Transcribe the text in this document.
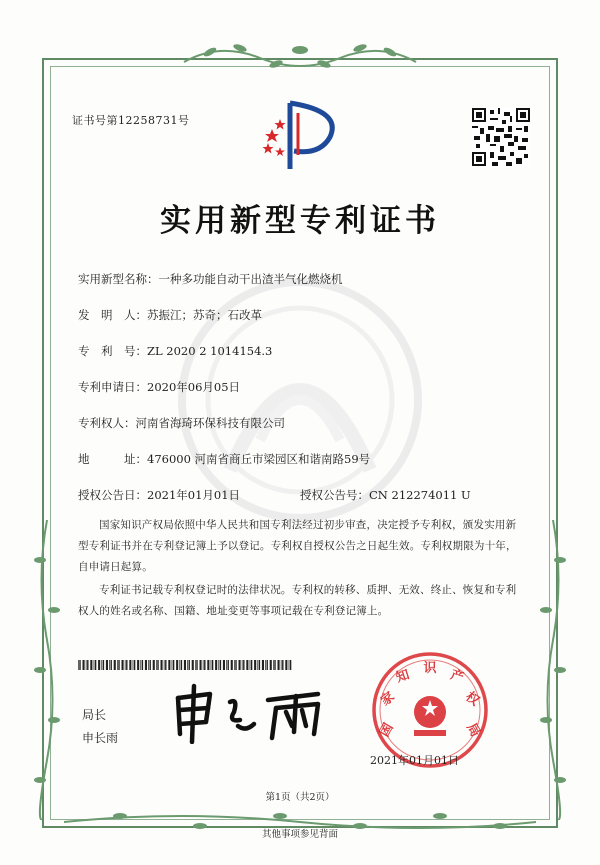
证书号第12258731号
实用新型专利证书
实用新型名称：一种多功能自动干出渣半气化燃烧机
发　明　人：苏振江；苏奇；石改革
专　利　号：ZL 2020 2 1014154.3
专利申请日：2020年06月05日
专利权人：河南省海琦环保科技有限公司
地　　　址：476000 河南省商丘市梁园区和谐南路59号
授权公告日：2021年01月01日	授权公告号：CN 212274011 U
国家知识产权局依照中华人民共和国专利法经过初步审查，决定授予专利权，颁发实用新型专利证书并在专利登记簿上予以登记。专利权自授权公告之日起生效。专利权期限为十年，自申请日起算。
专利证书记载专利权登记时的法律状况。专利权的转移、质押、无效、终止、恢复和专利权人的姓名或名称、国籍、地址变更等事项记载在专利登记簿上。
局长
申长雨	国
家
知 识 产
权
局
2021年01月01日
第1页（共2页）
其他事项参见背面
